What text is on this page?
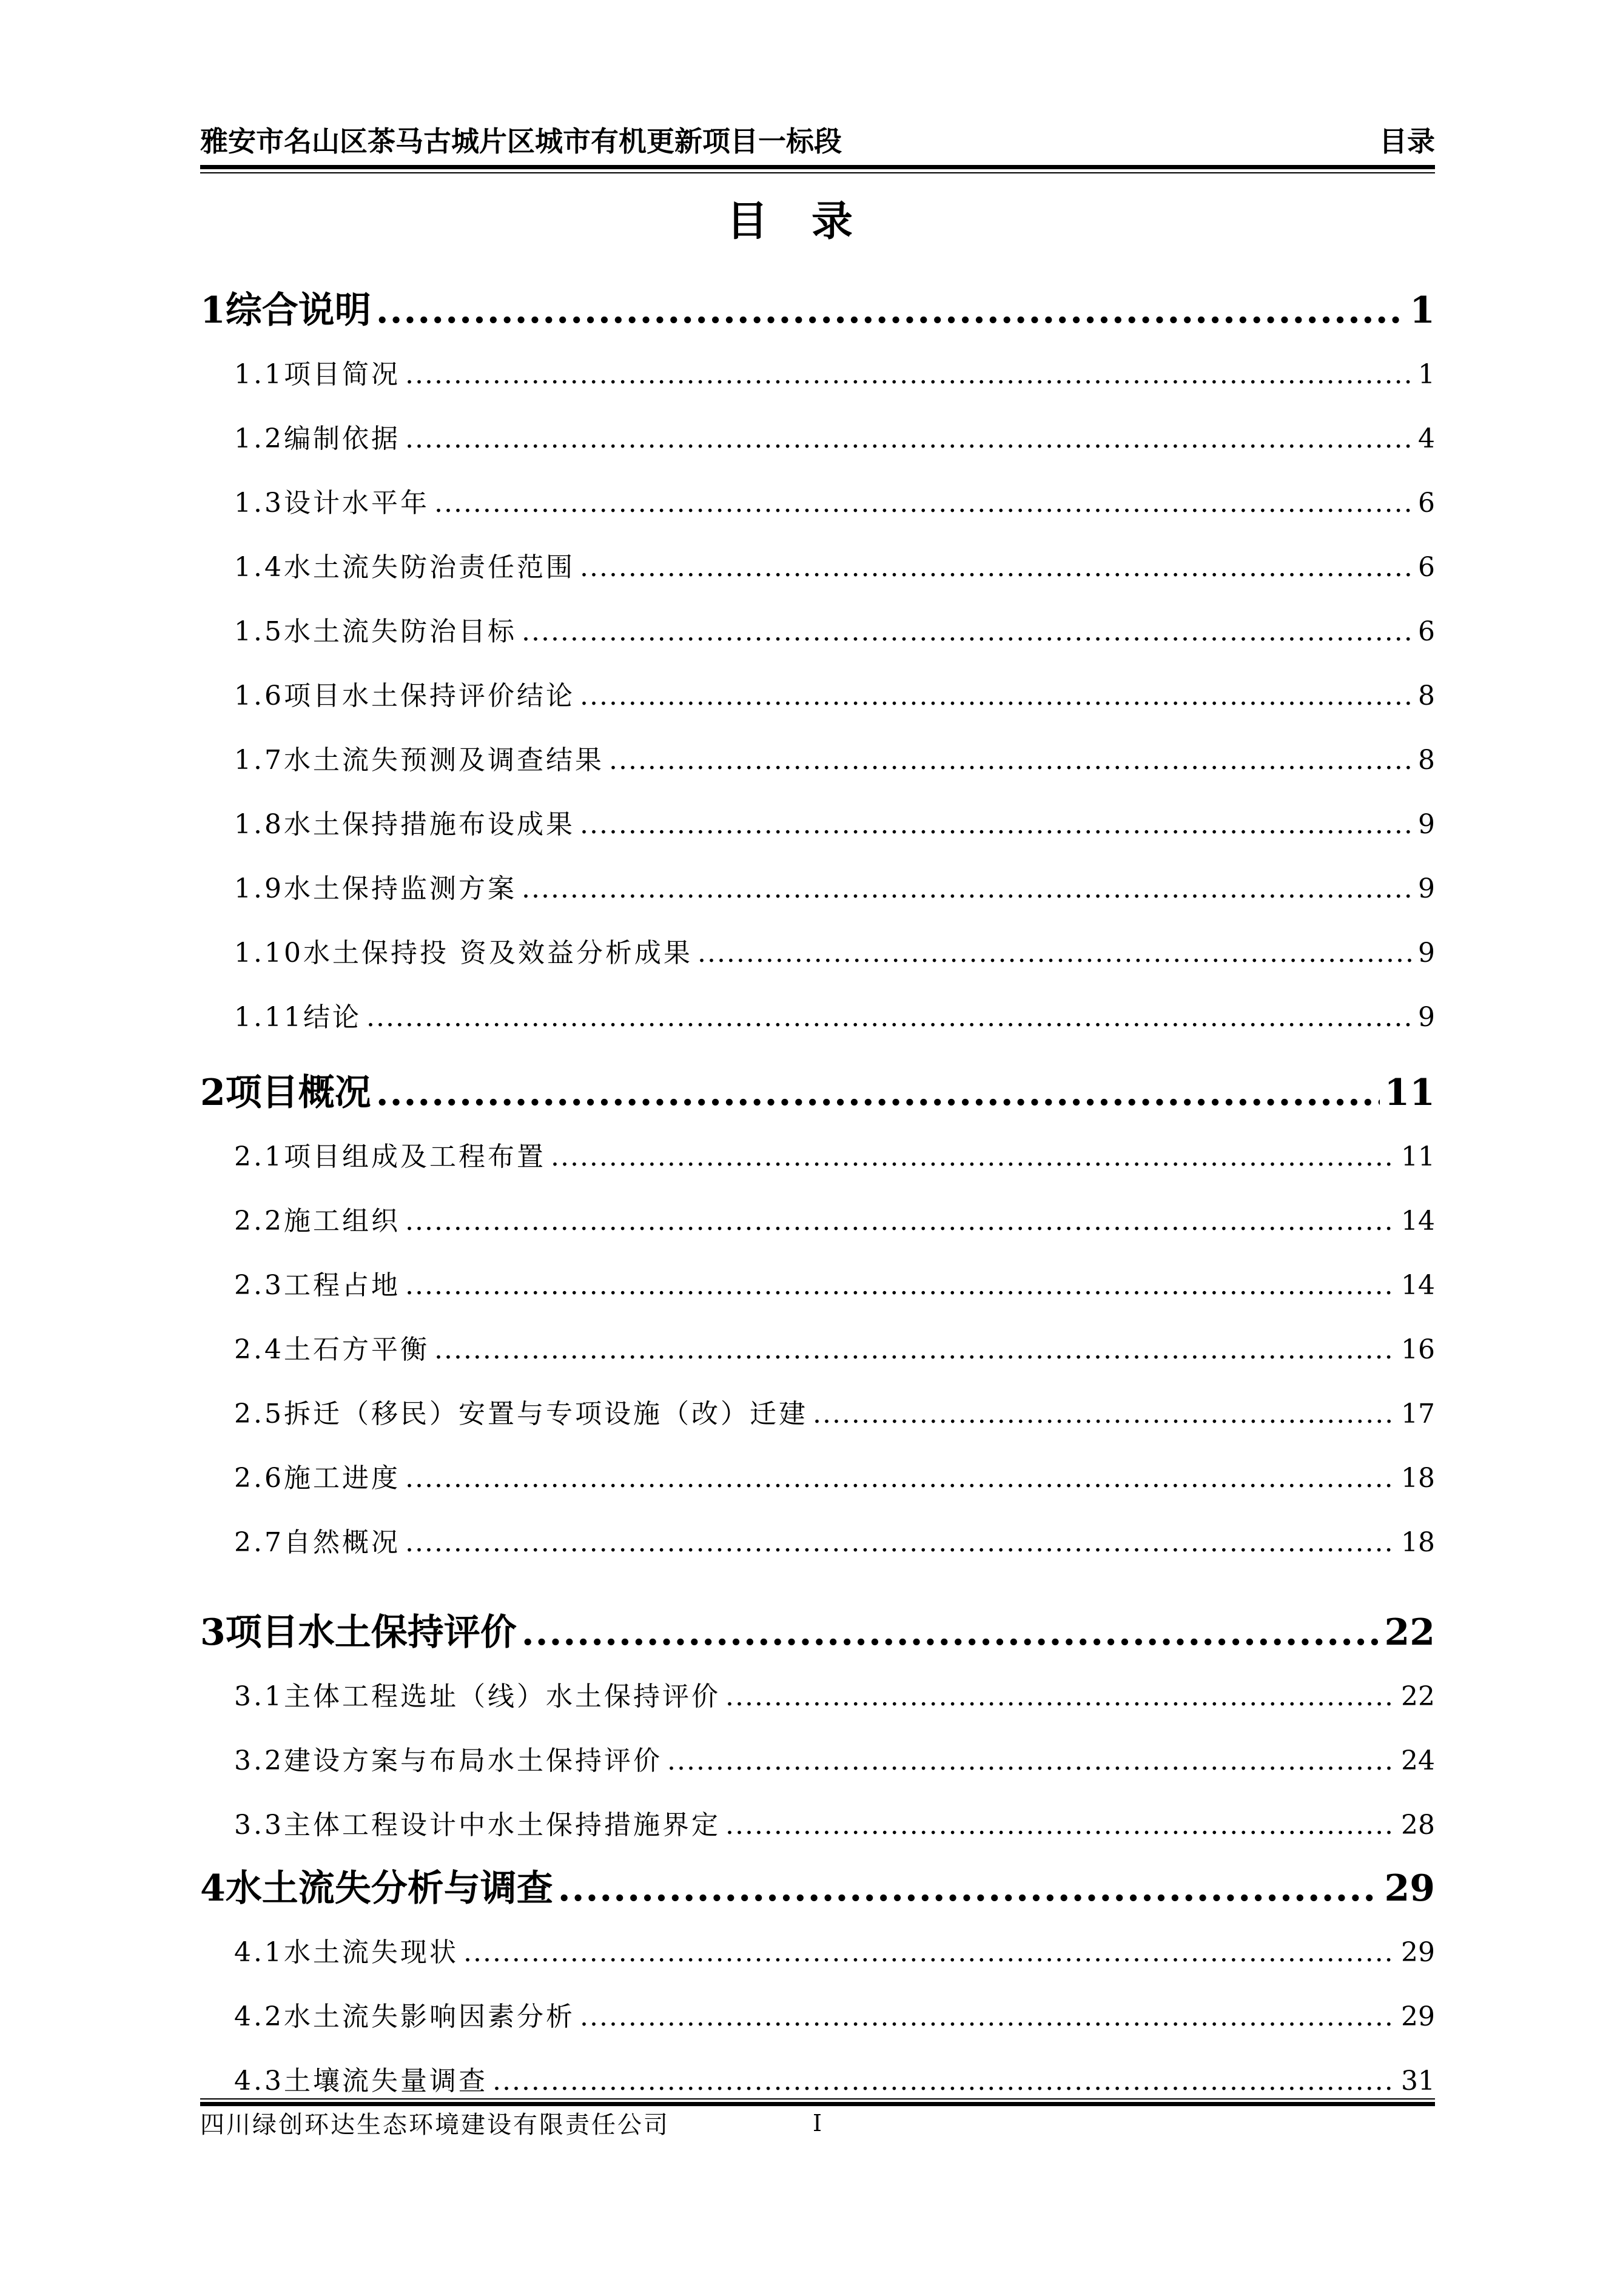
雅安市名山区茶马古城片区城市有机更新项目一标段	目录
目录
1 综合说明 .....	1
1.1 项目简况 .....	1
1.2 编制依据 .....	4
1.3 设计水平年 .....	6
1.4 水土流失防治责任范围 .....	6
1.5 水土流失防治目标 .....	6
1.6 项目水土保持评价结论 .....	8
1.7 水土流失预测及调查结果 .....	8
1.8 水土保持措施布设成果 .....	9
1.9 水土保持监测方案 .....	9
1.10 水土保持投 资及效益分析成果 .....	9
1.11 结论 .....	9
2 项目概况 .....	11
2.1 项目组成及工程布置 .....	11
2.2 施工组织 .....	14
2.3 工程占地 .....	14
2.4 土石方平衡 .....	16
2.5 拆迁（移民）安置与专项设施（改）迁建 .....	17
2.6 施工进度 .....	18
2.7 自然概况 .....	18
3 项目水土保持评价 .....	22
3.1 主体工程选址（线）水土保持评价 .....	22
3.2 建设方案与布局水土保持评价 .....	24
3.3 主体工程设计中水土保持措施界定 .....	28
4 水土流失分析与调查 .....	29
4.1 水土流失现状 .....	29
4.2 水土流失影响因素分析 .....	29
4.3 土壤流失量调查 .....	31
四川绿创环达生态环境建设有限责任公司	I
